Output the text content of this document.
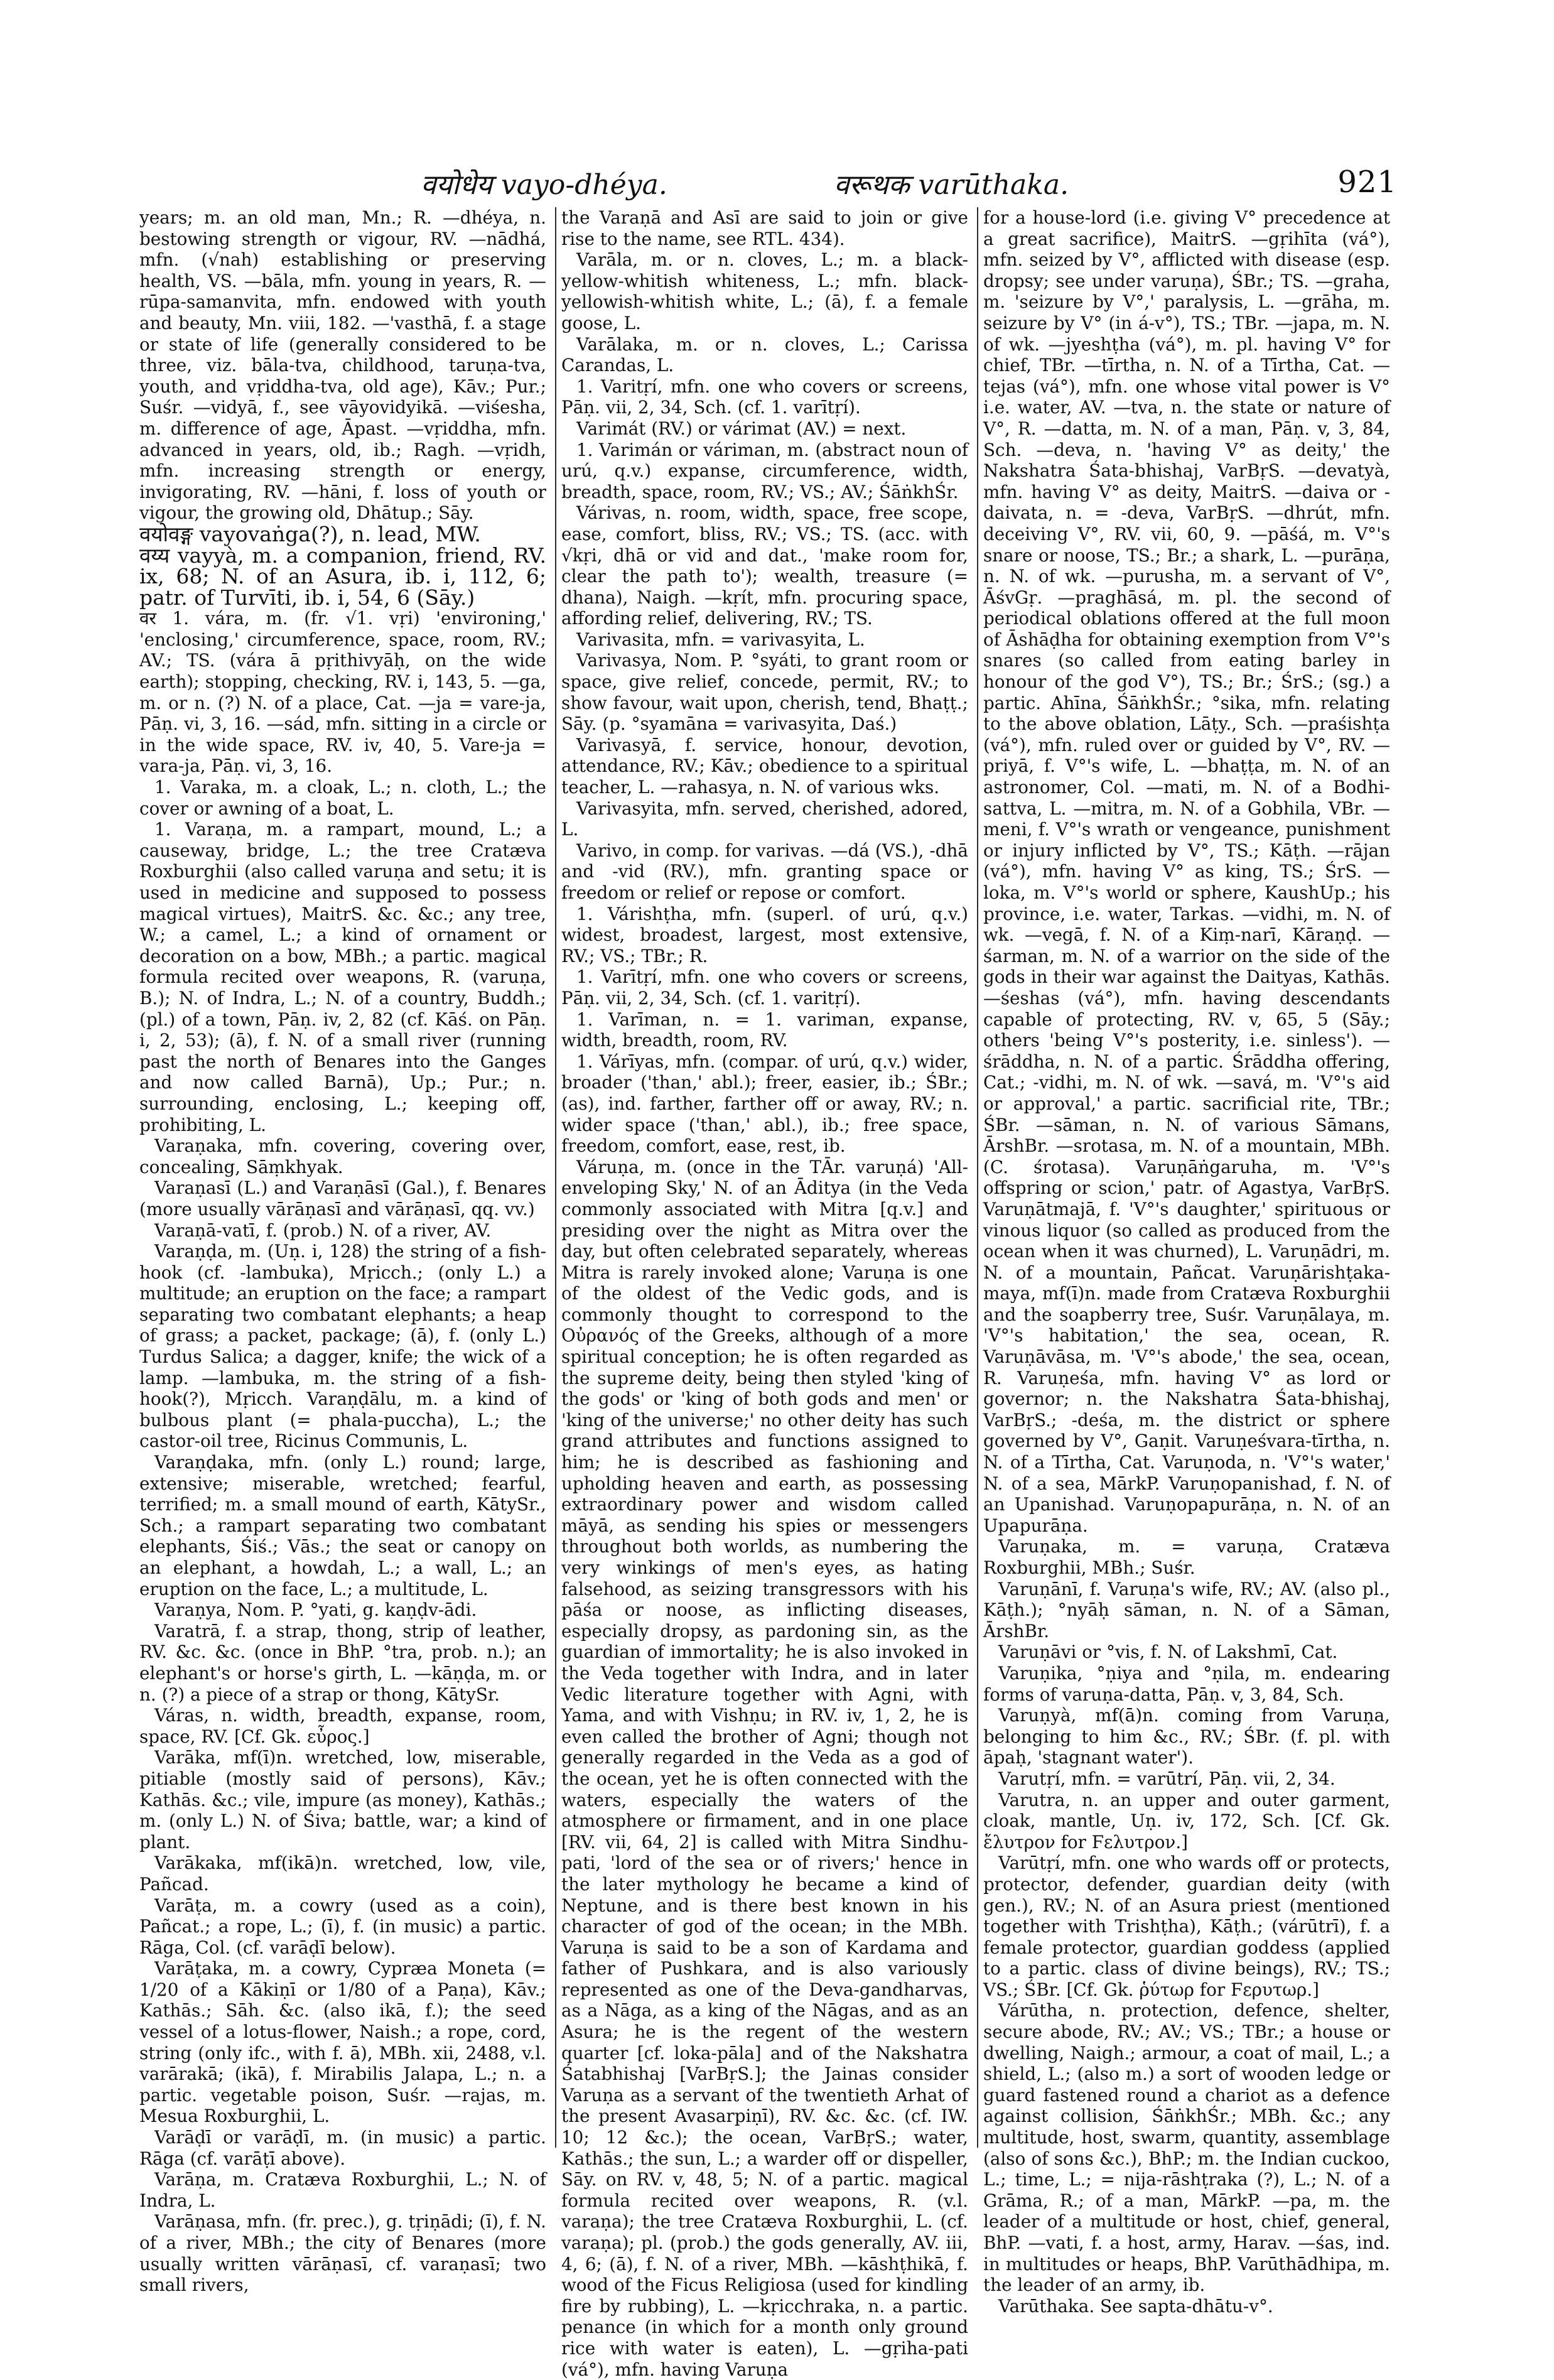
वयोधेय vayo-dhéya.	वरूथक varūthaka.	921

years; m. an old man, Mn.; R. —dhéya, n. bestowing strength or vigour, RV. —nādhá, mfn. (√nah) establishing or preserving health, VS. —bāla, mfn. young in years, R. —rūpa-samanvita, mfn. endowed with youth and beauty, Mn. viii, 182. —'vasthā, f. a stage or state of life (generally considered to be three, viz. bāla-tva, childhood, taruṇa-tva, youth, and vṛiddha-tva, old age), Kāv.; Pur.; Suśr. —vidyā, f., see vāyovidyikā. —viśesha, m. difference of age, Āpast. —vṛiddha, mfn. advanced in years, old, ib.; Ragh. —vṛidh, mfn. increasing strength or energy, invigorating, RV. —hāni, f. loss of youth or vigour, the growing old, Dhātup.; Sāy.

वयोवङ्ग vayovaṅga(?), n. lead, MW.

वय्य vayyà, m. a companion, friend, RV. ix, 68; N. of an Asura, ib. i, 112, 6; patr. of Turvīti, ib. i, 54, 6 (Sāy.)

वर 1. vára, m. (fr. √1. vṛi) 'environing,' 'enclosing,' circumference, space, room, RV.; AV.; TS. (vára ā pṛithivyāḥ, on the wide earth); stopping, checking, RV. i, 143, 5. —ga, m. or n. (?) N. of a place, Cat. —ja = vare-ja, Pāṇ. vi, 3, 16. —sád, mfn. sitting in a circle or in the wide space, RV. iv, 40, 5. Vare-ja = vara-ja, Pāṇ. vi, 3, 16.

1. Varaka, m. a cloak, L.; n. cloth, L.; the cover or awning of a boat, L.

1. Varaṇa, m. a rampart, mound, L.; a causeway, bridge, L.; the tree Cratæva Roxburghii (also called varuṇa and setu; it is used in medicine and supposed to possess magical virtues), MaitrS. &c. &c.; any tree, W.; a camel, L.; a kind of ornament or decoration on a bow, MBh.; a partic. magical formula recited over weapons, R. (varuṇa, B.); N. of Indra, L.; N. of a country, Buddh.; (pl.) of a town, Pāṇ. iv, 2, 82 (cf. Kāś. on Pāṇ. i, 2, 53); (ā), f. N. of a small river (running past the north of Benares into the Ganges and now called Barnā), Up.; Pur.; n. surrounding, enclosing, L.; keeping off, prohibiting, L.

Varaṇaka, mfn. covering, covering over, concealing, Sāṃkhyak.

Varaṇasī (L.) and Varaṇāsī (Gal.), f. Benares (more usually vārāṇasī and vārāṇasī, qq. vv.)

Varaṇā-vatī, f. (prob.) N. of a river, AV.

Varaṇḍa, m. (Uṇ. i, 128) the string of a fish-hook (cf. -lambuka), Mṛicch.; (only L.) a multitude; an eruption on the face; a rampart separating two combatant elephants; a heap of grass; a packet, package; (ā), f. (only L.) Turdus Salica; a dagger, knife; the wick of a lamp. —lambuka, m. the string of a fish-hook(?), Mṛicch. Varaṇḍālu, m. a kind of bulbous plant (= phala-puccha), L.; the castor-oil tree, Ricinus Communis, L.

Varaṇḍaka, mfn. (only L.) round; large, extensive; miserable, wretched; fearful, terrified; m. a small mound of earth, KātySr., Sch.; a rampart separating two combatant elephants, Śiś.; Vās.; the seat or canopy on an elephant, a howdah, L.; a wall, L.; an eruption on the face, L.; a multitude, L.

Varaṇya, Nom. P. °yati, g. kaṇḍv-ādi.

Varatrā, f. a strap, thong, strip of leather, RV. &c. &c. (once in BhP. °tra, prob. n.); an elephant's or horse's girth, L. —kāṇḍa, m. or n. (?) a piece of a strap or thong, KātySr.

Váras, n. width, breadth, expanse, room, space, RV. [Cf. Gk. εὖρος.]

Varāka, mf(ī)n. wretched, low, miserable, pitiable (mostly said of persons), Kāv.; Kathās. &c.; vile, impure (as money), Kathās.; m. (only L.) N. of Śiva; battle, war; a kind of plant.

Varākaka, mf(ikā)n. wretched, low, vile, Pañcad.

Varāṭa, m. a cowry (used as a coin), Pañcat.; a rope, L.; (ī), f. (in music) a partic. Rāga, Col. (cf. varāḍī below).

Varāṭaka, m. a cowry, Cypræa Moneta (= 1/20 of a Kākiṇī or 1/80 of a Paṇa), Kāv.; Kathās.; Sāh. &c. (also ikā, f.); the seed vessel of a lotus-flower, Naish.; a rope, cord, string (only ifc., with f. ā), MBh. xii, 2488, v.l. varārakā; (ikā), f. Mirabilis Jalapa, L.; n. a partic. vegetable poison, Suśr. —rajas, m. Mesua Roxburghii, L.

Varāḍī or varāḍī, m. (in music) a partic. Rāga (cf. varāṭī above).

Varāṇa, m. Cratæva Roxburghii, L.; N. of Indra, L.

Varāṇasa, mfn. (fr. prec.), g. tṛiṇādi; (ī), f. N. of a river, MBh.; the city of Benares (more usually written vārāṇasī, cf. varaṇasī; two small rivers,

the Varaṇā and Asī are said to join or give rise to the name, see RTL. 434).

Varāla, m. or n. cloves, L.; m. a black-yellow-whitish whiteness, L.; mfn. black-yellowish-whitish white, L.; (ā), f. a female goose, L.

Varālaka, m. or n. cloves, L.; Carissa Carandas, L.

1. Varitṛí, mfn. one who covers or screens, Pāṇ. vii, 2, 34, Sch. (cf. 1. varītṛí).

Varimát (RV.) or várimat (AV.) = next.

1. Varimán or váriman, m. (abstract noun of urú, q.v.) expanse, circumference, width, breadth, space, room, RV.; VS.; AV.; ŚāṅkhŚr.

Várivas, n. room, width, space, free scope, ease, comfort, bliss, RV.; VS.; TS. (acc. with √kṛi, dhā or vid and dat., 'make room for, clear the path to'); wealth, treasure (= dhana), Naigh. —kṛít, mfn. procuring space, affording relief, delivering, RV.; TS.

Varivasita, mfn. = varivasyita, L.

Varivasya, Nom. P. °syáti, to grant room or space, give relief, concede, permit, RV.; to show favour, wait upon, cherish, tend, Bhaṭṭ.; Sāy. (p. °syamāna = varivasyita, Daś.)

Varivasyā, f. service, honour, devotion, attendance, RV.; Kāv.; obedience to a spiritual teacher, L. —rahasya, n. N. of various wks.

Varivasyita, mfn. served, cherished, adored, L.

Varivo, in comp. for varivas. —dá (VS.), -dhā and -vid (RV.), mfn. granting space or freedom or relief or repose or comfort.

1. Várishṭha, mfn. (superl. of urú, q.v.) widest, broadest, largest, most extensive, RV.; VS.; TBr.; R.

1. Varītṛí, mfn. one who covers or screens, Pāṇ. vii, 2, 34, Sch. (cf. 1. varitṛí).

1. Varīman, n. = 1. variman, expanse, width, breadth, room, RV.

1. Várīyas, mfn. (compar. of urú, q.v.) wider, broader ('than,' abl.); freer, easier, ib.; ŚBr.; (as), ind. farther, farther off or away, RV.; n. wider space ('than,' abl.), ib.; free space, freedom, comfort, ease, rest, ib.

Váruṇa, m. (once in the TĀr. varuṇá) 'All-enveloping Sky,' N. of an Āditya (in the Veda commonly associated with Mitra [q.v.] and presiding over the night as Mitra over the day, but often celebrated separately, whereas Mitra is rarely invoked alone; Varuṇa is one of the oldest of the Vedic gods, and is commonly thought to correspond to the Οὐρανός of the Greeks, although of a more spiritual conception; he is often regarded as the supreme deity, being then styled 'king of the gods' or 'king of both gods and men' or 'king of the universe;' no other deity has such grand attributes and functions assigned to him; he is described as fashioning and upholding heaven and earth, as possessing extraordinary power and wisdom called māyā, as sending his spies or messengers throughout both worlds, as numbering the very winkings of men's eyes, as hating falsehood, as seizing transgressors with his pāśa or noose, as inflicting diseases, especially dropsy, as pardoning sin, as the guardian of immortality; he is also invoked in the Veda together with Indra, and in later Vedic literature together with Agni, with Yama, and with Vishṇu; in RV. iv, 1, 2, he is even called the brother of Agni; though not generally regarded in the Veda as a god of the ocean, yet he is often connected with the waters, especially the waters of the atmosphere or firmament, and in one place [RV. vii, 64, 2] is called with Mitra Sindhu-pati, 'lord of the sea or of rivers;' hence in the later mythology he became a kind of Neptune, and is there best known in his character of god of the ocean; in the MBh. Varuṇa is said to be a son of Kardama and father of Pushkara, and is also variously represented as one of the Deva-gandharvas, as a Nāga, as a king of the Nāgas, and as an Asura; he is the regent of the western quarter [cf. loka-pāla] and of the Nakshatra Śatabhishaj [VarBṛS.]; the Jainas consider Varuṇa as a servant of the twentieth Arhat of the present Avasarpiṇī), RV. &c. &c. (cf. IW. 10; 12 &c.); the ocean, VarBṛS.; water, Kathās.; the sun, L.; a warder off or dispeller, Sāy. on RV. v, 48, 5; N. of a partic. magical formula recited over weapons, R. (v.l. varaṇa); the tree Cratæva Roxburghii, L. (cf. varaṇa); pl. (prob.) the gods generally, AV. iii, 4, 6; (ā), f. N. of a river, MBh. —kāshṭhikā, f. wood of the Ficus Religiosa (used for kindling fire by rubbing), L. —kṛicchraka, n. a partic. penance (in which for a month only ground rice with water is eaten), L. —gṛiha-pati (vá°), mfn. having Varuṇa

for a house-lord (i.e. giving V° precedence at a great sacrifice), MaitrS. —gṛihīta (vá°), mfn. seized by V°, afflicted with disease (esp. dropsy; see under varuṇa), ŚBr.; TS. —graha, m. 'seizure by V°,' paralysis, L. —grāha, m. seizure by V° (in á-v°), TS.; TBr. —japa, m. N. of wk. —jyeshṭha (vá°), m. pl. having V° for chief, TBr. —tīrtha, n. N. of a Tīrtha, Cat. —tejas (vá°), mfn. one whose vital power is V° i.e. water, AV. —tva, n. the state or nature of V°, R. —datta, m. N. of a man, Pāṇ. v, 3, 84, Sch. —deva, n. 'having V° as deity,' the Nakshatra Śata-bhishaj, VarBṛS. —devatyà, mfn. having V° as deity, MaitrS. —daiva or -daivata, n. = -deva, VarBṛS. —dhrút, mfn. deceiving V°, RV. vii, 60, 9. —pāśá, m. V°'s snare or noose, TS.; Br.; a shark, L. —purāṇa, n. N. of wk. —purusha, m. a servant of V°, ĀśvGṛ. —praghāsá, m. pl. the second of periodical oblations offered at the full moon of Āshāḍha for obtaining exemption from V°'s snares (so called from eating barley in honour of the god V°), TS.; Br.; ŚrS.; (sg.) a partic. Ahīna, ŚāṅkhŚr.; °sika, mfn. relating to the above oblation, Lāṭy., Sch. —praśishṭa (vá°), mfn. ruled over or guided by V°, RV. —priyā, f. V°'s wife, L. —bhaṭṭa, m. N. of an astronomer, Col. —mati, m. N. of a Bodhi-sattva, L. —mitra, m. N. of a Gobhila, VBr. —meni, f. V°'s wrath or vengeance, punishment or injury inflicted by V°, TS.; Kāṭh. —rājan (vá°), mfn. having V° as king, TS.; ŚrS. —loka, m. V°'s world or sphere, KaushUp.; his province, i.e. water, Tarkas. —vidhi, m. N. of wk. —vegā, f. N. of a Kiṃ-narī, Kāraṇḍ. —śarman, m. N. of a warrior on the side of the gods in their war against the Daityas, Kathās. —śeshas (vá°), mfn. having descendants capable of protecting, RV. v, 65, 5 (Sāy.; others 'being V°'s posterity, i.e. sinless'). —śrāddha, n. N. of a partic. Śrāddha offering, Cat.; -vidhi, m. N. of wk. —savá, m. 'V°'s aid or approval,' a partic. sacrificial rite, TBr.; ŚBr. —sāman, n. N. of various Sāmans, ĀrshBr. —srotasa, m. N. of a mountain, MBh. (C. śrotasa). Varuṇāṅgaruha, m. 'V°'s offspring or scion,' patr. of Agastya, VarBṛS. Varuṇātmajā, f. 'V°'s daughter,' spirituous or vinous liquor (so called as produced from the ocean when it was churned), L. Varuṇādri, m. N. of a mountain, Pañcat. Varuṇārishṭaka-maya, mf(ī)n. made from Cratæva Roxburghii and the soapberry tree, Suśr. Varuṇālaya, m. 'V°'s habitation,' the sea, ocean, R. Varuṇāvāsa, m. 'V°'s abode,' the sea, ocean, R. Varuṇeśa, mfn. having V° as lord or governor; n. the Nakshatra Śata-bhishaj, VarBṛS.; -deśa, m. the district or sphere governed by V°, Gaṇit. Varuṇeśvara-tīrtha, n. N. of a Tīrtha, Cat. Varuṇoda, n. 'V°'s water,' N. of a sea, MārkP. Varuṇopanishad, f. N. of an Upanishad. Varuṇopapurāṇa, n. N. of an Upapurāṇa.

Varuṇaka, m. = varuṇa, Cratæva Roxburghii, MBh.; Suśr.

Varuṇānī, f. Varuṇa's wife, RV.; AV. (also pl., Kāṭh.); °nyāḥ sāman, n. N. of a Sāman, ĀrshBr.

Varuṇāvi or °vis, f. N. of Lakshmī, Cat.

Varuṇika, °ṇiya and °ṇila, m. endearing forms of varuṇa-datta, Pāṇ. v, 3, 84, Sch.

Varuṇyà, mf(ā)n. coming from Varuṇa, belonging to him &c., RV.; ŚBr. (f. pl. with āpaḥ, 'stagnant water').

Varutṛí, mfn. = varūtrí, Pāṇ. vii, 2, 34.

Varutra, n. an upper and outer garment, cloak, mantle, Uṇ. iv, 172, Sch. [Cf. Gk. ἔλυτρον for Ϝελυτρον.]

Varūtṛí, mfn. one who wards off or protects, protector, defender, guardian deity (with gen.), RV.; N. of an Asura priest (mentioned together with Trishṭha), Kāṭh.; (várūtrī), f. a female protector, guardian goddess (applied to a partic. class of divine beings), RV.; TS.; VS.; ŚBr. [Cf. Gk. ῥύτωρ for Ϝερυτωρ.]

Várūtha, n. protection, defence, shelter, secure abode, RV.; AV.; VS.; TBr.; a house or dwelling, Naigh.; armour, a coat of mail, L.; a shield, L.; (also m.) a sort of wooden ledge or guard fastened round a chariot as a defence against collision, ŚāṅkhŚr.; MBh. &c.; any multitude, host, swarm, quantity, assemblage (also of sons &c.), BhP.; m. the Indian cuckoo, L.; time, L.; = nija-rāshṭraka (?), L.; N. of a Grāma, R.; of a man, MārkP. —pa, m. the leader of a multitude or host, chief, general, BhP. —vati, f. a host, army, Harav. —śas, ind. in multitudes or heaps, BhP. Varūthādhipa, m. the leader of an army, ib.

Varūthaka. See sapta-dhātu-v°.
